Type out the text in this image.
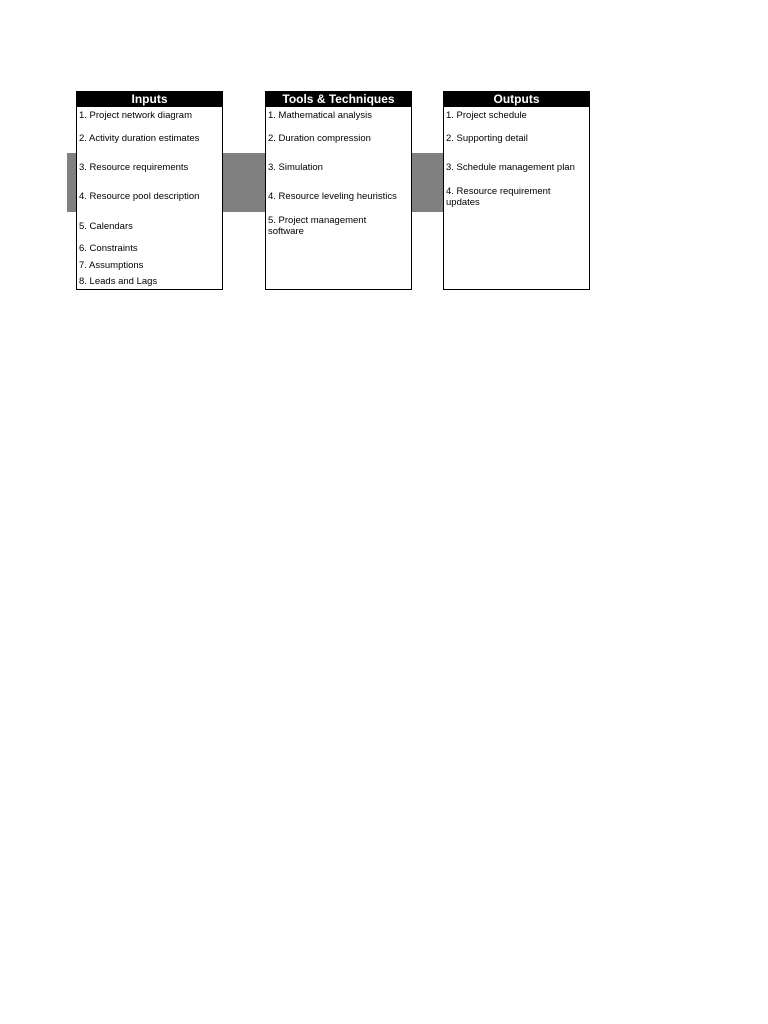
Inputs
1. Project network diagram
2. Activity duration estimates
3. Resource requirements
4. Resource pool description
5. Calendars
6. Constraints
7. Assumptions
8. Leads and Lags
Tools & Techniques
1. Mathematical analysis
2. Duration compression
3. Simulation
4. Resource leveling heuristics
5. Project management software
Outputs
1. Project schedule
2. Supporting detail
3. Schedule management plan
4. Resource requirement updates
